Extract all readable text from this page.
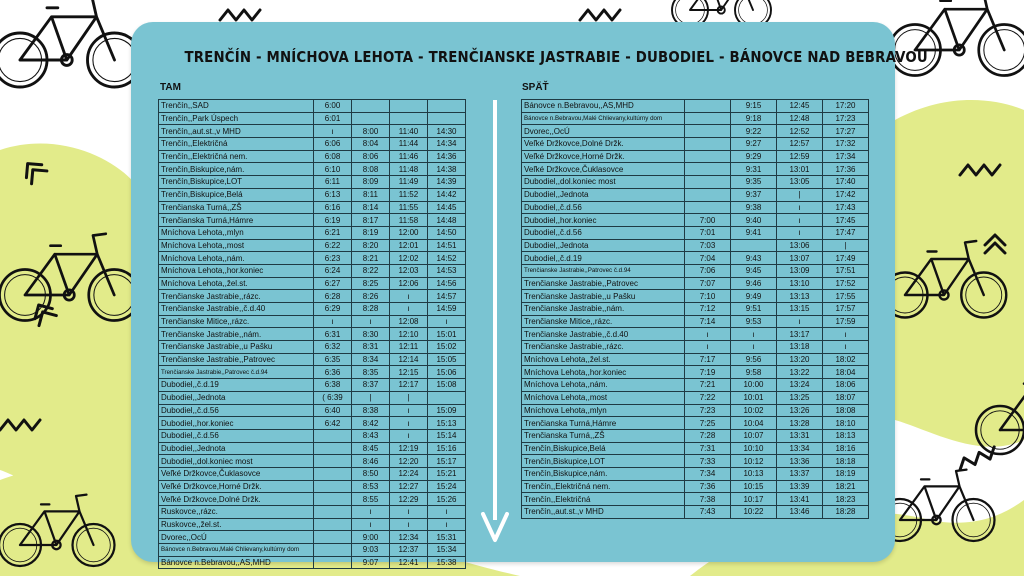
TRENČÍN - MNÍCHOVA LEHOTA - TRENČIANSKE JASTRABIE - DUBODIEL - BÁNOVCE NAD BEBRAVOU
TAM	SPÄŤ
Trenčín,,SAD	6:00			
Trenčín,,Park Úspech	6:01			
Trenčín,,aut.st.,v MHD	ı	8:00	11:40	14:30
Trenčín,,Električná	6:06	8:04	11:44	14:34
Trenčín,,Električná nem.	6:08	8:06	11:46	14:36
Trenčín,Biskupice,nám.	6:10	8:08	11:48	14:38
Trenčín,Biskupice,LOT	6:11	8:09	11:49	14:39
Trenčín,Biskupice,Belá	6:13	8:11	11:52	14:42
Trenčianska Turná,,ZŠ	6:16	8:14	11:55	14:45
Trenčianska Turná,Hámre	6:19	8:17	11:58	14:48
Mníchova Lehota,,mlyn	6:21	8:19	12:00	14:50
Mníchova Lehota,,most	6:22	8:20	12:01	14:51
Mníchova Lehota,,nám.	6:23	8:21	12:02	14:52
Mníchova Lehota,,hor.koniec	6:24	8:22	12:03	14:53
Mníchova Lehota,,žel.st.	6:27	8:25	12:06	14:56
Trenčianske Jastrabie,,rázc.	6:28	8:26	ı	14:57
Trenčianske Jastrabie,,č.d.40	6:29	8:28	ı	14:59
Trenčianske Mitice,,rázc.	ı	ı	12:08	ı
Trenčianske Jastrabie,,nám.	6:31	8:30	12:10	15:01
Trenčianske Jastrabie,,u Pašku	6:32	8:31	12:11	15:02
Trenčianske Jastrabie,,Patrovec	6:35	8:34	12:14	15:05
Trenčianske Jastrabie,,Patrovec č.d.94	6:36	8:35	12:15	15:06
Dubodiel,,č.d.19	6:38	8:37	12:17	15:08
Dubodiel,,Jednota	( 6:39	|	|	
Dubodiel,,č.d.56	6:40	8:38	ı	15:09
Dubodiel,,hor.koniec	6:42	8:42	ı	15:13
Dubodiel,,č.d.56		8:43	ı	15:14
Dubodiel,,Jednota		8:45	12:19	15:16
Dubodiel,,dol.koniec most		8:46	12:20	15:17
Veľké Držkovce,Čuklasovce		8:50	12:24	15:21
Veľké Držkovce,Horné Držk.		8:53	12:27	15:24
Veľké Držkovce,Dolné Držk.		8:55	12:29	15:26
Ruskovce,,rázc.		ı	ı	ı
Ruskovce,,žel.st.		ı	ı	ı
Dvorec,,OcÚ		9:00	12:34	15:31
Bánovce n.Bebravou,Malé Chlievany,kultúrny dom		9:03	12:37	15:34
Bánovce n.Bebravou,,AS,MHD		9:07	12:41	15:38
Bánovce n.Bebravou,,AS,MHD		9:15	12:45	17:20
Bánovce n.Bebravou,Malé Chlievany,kultúrny dom		9:18	12:48	17:23
Dvorec,,OcÚ		9:22	12:52	17:27
Veľké Držkovce,Dolné Držk.		9:27	12:57	17:32
Veľké Držkovce,Horné Držk.		9:29	12:59	17:34
Veľké Držkovce,Čuklasovce		9:31	13:01	17:36
Dubodiel,,dol.koniec most		9:35	13:05	17:40
Dubodiel,,Jednota		9:37	|	17:42
Dubodiel,,č.d.56		9:38	ı	17:43
Dubodiel,,hor.koniec	7:00	9:40	ı	17:45
Dubodiel,,č.d.56	7:01	9:41	ı	17:47
Dubodiel,,Jednota	7:03		13:06	|
Dubodiel,,č.d.19	7:04	9:43	13:07	17:49
Trenčianske Jastrabie,,Patrovec č.d.94	7:06	9:45	13:09	17:51
Trenčianske Jastrabie,,Patrovec	7:07	9:46	13:10	17:52
Trenčianske Jastrabie,,u Pašku	7:10	9:49	13:13	17:55
Trenčianske Jastrabie,,nám.	7:12	9:51	13:15	17:57
Trenčianske Mitice,,rázc.	7:14	9:53	ı	17:59
Trenčianske Jastrabie,,č.d.40	ı	ı	13:17	ı
Trenčianske Jastrabie,,rázc.	ı	ı	13:18	ı
Mníchova Lehota,,žel.st.	7:17	9:56	13:20	18:02
Mníchova Lehota,,hor.koniec	7:19	9:58	13:22	18:04
Mníchova Lehota,,nám.	7:21	10:00	13:24	18:06
Mníchova Lehota,,most	7:22	10:01	13:25	18:07
Mníchova Lehota,,mlyn	7:23	10:02	13:26	18:08
Trenčianska Turná,Hámre	7:25	10:04	13:28	18:10
Trenčianska Turná,,ZŠ	7:28	10:07	13:31	18:13
Trenčín,Biskupice,Belá	7:31	10:10	13:34	18:16
Trenčín,Biskupice,LOT	7:33	10:12	13:36	18:18
Trenčín,Biskupice,nám.	7:34	10:13	13:37	18:19
Trenčín,,Električná nem.	7:36	10:15	13:39	18:21
Trenčín,,Električná	7:38	10:17	13:41	18:23
Trenčín,,aut.st.,v MHD	7:43	10:22	13:46	18:28
